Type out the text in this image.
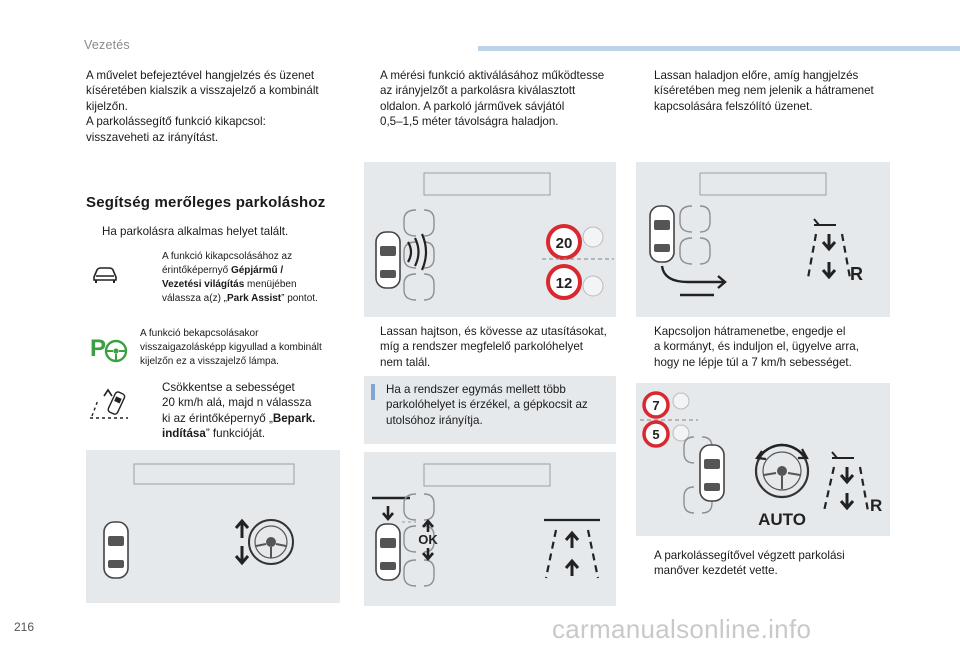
Vezetés
A művelet befejeztével hangjelzés és üzenet
kíséretében kialszik a visszajelző a kombinált
kijelzőn.
A parkolássegítő funkció kikapcsol:
visszaveheti az irányítást.
Segítség merőleges parkoláshoz
Ha parkolásra alkalmas helyet talált.
A funkció kikapcsolásához az
érintőképernyő Gépjármű /
Vezetési világítás menüjében
válassza a(z) „Park Assist” pontot.
P
A funkció bekapcsolásakor
visszaigazolásképp kigyullad a kombinált
kijelzőn ez a visszajelző lámpa.
Csökkentse a sebességet
20 km/h alá, majd n válassza
ki az érintőképernyő „Bepark.
indítása” funkcióját.
A mérési funkció aktiválásához működtesse
az irányjelzőt a parkolásra kiválasztott
oldalon. A parkoló járművek sávjától
0,5–1,5 méter távolságra haladjon.
20
12
Lassan hajtson, és kövesse az utasításokat,
míg a rendszer megfelelő parkolóhelyet
nem talál.
Ha a rendszer egymás mellett több
parkolóhelyet is érzékel, a gépkocsit az
utolsóhoz irányítja.
OK
Lassan haladjon előre, amíg hangjelzés
kíséretében meg nem jelenik a hátramenet
kapcsolására felszólító üzenet.
R
Kapcsoljon hátramenetbe, engedje el
a kormányt, és induljon el, ügyelve arra,
hogy ne lépje túl a 7 km/h sebességet.
7
5
AUTO
R
A parkolássegítővel végzett parkolási
manőver kezdetét vette.
216	carmanualsonline.info
